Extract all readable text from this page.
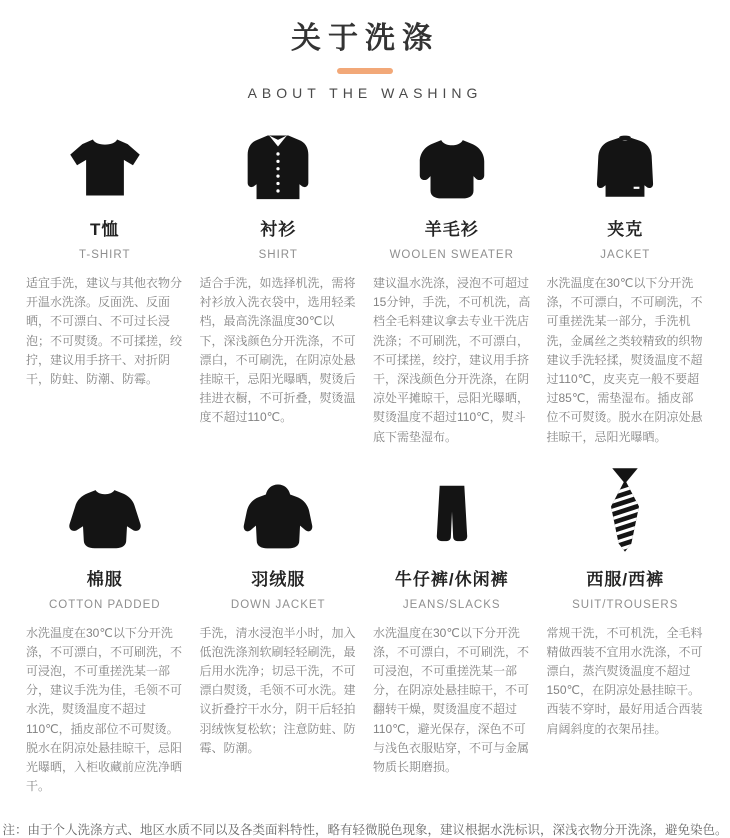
关于洗涤
ABOUT THE WASHING
T恤
T-SHIRT

适宜手洗，建议与其他衣物分开温水洗涤。反面洗、反面晒，不可漂白、不可过长浸泡；不可熨烫。不可揉搓，绞拧，建议用手挤干、对折阴干，防蛀、防潮、防霉。

衬衫
SHIRT

适合手洗，如选择机洗，需将衬衫放入洗衣袋中，选用轻柔档，最高洗涤温度30℃以下，深浅颜色分开洗涤，不可漂白，不可刷洗，在阴凉处悬挂晾干，忌阳光曝晒，熨烫后挂进衣橱，不可折叠，熨烫温度不超过110℃。

羊毛衫
WOOLEN SWEATER

建议温水洗涤，浸泡不可超过15分钟，手洗，不可机洗，高档全毛料建议拿去专业干洗店洗涤；不可刷洗，不可漂白，不可揉搓，绞拧，建议用手挤干，深浅颜色分开洗涤，在阴凉处平摊晾干，忌阳光曝晒，熨烫温度不超过110℃，熨斗底下需垫湿布。

夹克
JACKET

水洗温度在30℃以下分开洗涤，不可漂白，不可刷洗，不可重搓洗某一部分，手洗机洗，金属丝之类较精致的织物建议手洗轻揉，熨烫温度不超过110℃，皮夹克一般不要超过85℃，需垫湿布。插皮部位不可熨烫。脱水在阴凉处悬挂晾干，忌阳光曝晒。

棉服
COTTON PADDED

水洗温度在30℃以下分开洗涤，不可漂白，不可刷洗，不可浸泡，不可重搓洗某一部分，建议手洗为佳，毛领不可水洗，熨烫温度不超过110℃，插皮部位不可熨烫。脱水在阴凉处悬挂晾干，忌阳光曝晒，入柜收藏前应洗净晒干。

羽绒服
DOWN JACKET

手洗，清水浸泡半小时，加入低泡洗涤剂软刷轻轻刷洗，最后用水洗净；切忌干洗，不可漂白熨烫，毛领不可水洗。建议折叠拧干水分，阴干后轻拍羽绒恢复松软；注意防蛀、防霉、防潮。

牛仔裤/休闲裤
JEANS/SLACKS

水洗温度在30℃以下分开洗涤，不可漂白，不可刷洗，不可浸泡，不可重搓洗某一部分，在阴凉处悬挂晾干，不可翻转干燥，熨烫温度不超过110℃，避光保存，深色不可与浅色衣服贴穿，不可与金属物质长期磨损。

西服/西裤
SUIT/TROUSERS

常规干洗，不可机洗，全毛料精做西装不宜用水洗涤，不可漂白，蒸汽熨烫温度不超过150℃，在阴凉处悬挂晾干。西装不穿时，最好用适合西装肩阔斜度的衣架吊挂。

注：由于个人洗涤方式、地区水质不同以及各类面料特性，略有轻微脱色现象，建议根据水洗标识，深浅衣物分开洗涤，避免染色。
